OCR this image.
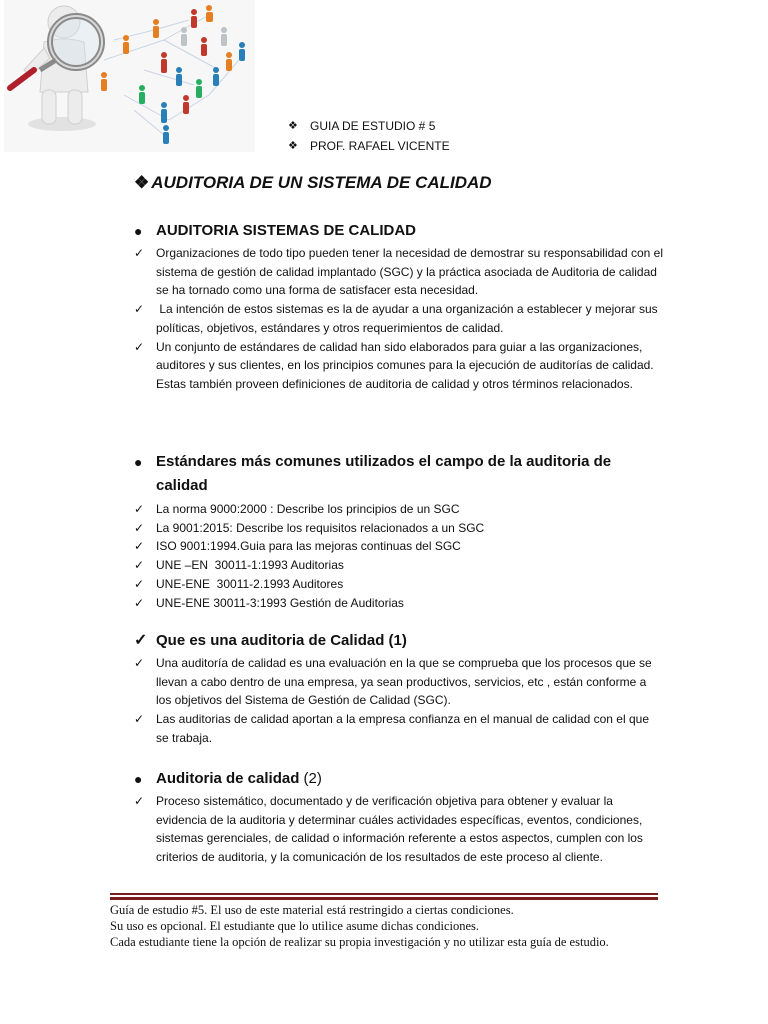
❖	GUIA DE ESTUDIO # 5
❖	PROF. RAFAEL VICENTE
❖ AUDITORIA DE UN SISTEMA DE CALIDAD
● AUDITORIA SISTEMAS DE CALIDAD
✓ Organizaciones de todo tipo pueden tener la necesidad de demostrar su responsabilidad con el sistema de gestión de calidad implantado (SGC) y la práctica asociada de Auditoria de calidad se ha tornado como una forma de satisfacer esta necesidad.
✓ La intención de estos sistemas es la de ayudar a una organización a establecer y mejorar sus políticas, objetivos, estándares y otros requerimientos de calidad.
✓ Un conjunto de estándares de calidad han sido elaborados para guiar a las organizaciones, auditores y sus clientes, en los principios comunes para la ejecución de auditorías de calidad. Estas también proveen definiciones de auditoria de calidad y otros términos relacionados.
● Estándares más comunes utilizados el campo de la auditoria de calidad
✓ La norma 9000:2000 : Describe los principios de un SGC
✓ La 9001:2015: Describe los requisitos relacionados a un SGC
✓ ISO 9001:1994.Guia para las mejoras continuas del SGC
✓ UNE –EN  30011-1:1993 Auditorias
✓ UNE-ENE  30011-2.1993 Auditores
✓ UNE-ENE 30011-3:1993 Gestión de Auditorias
✓ Que es una auditoria de Calidad (1)
✓ Una auditoría de calidad es una evaluación en la que se comprueba que los procesos que se llevan a cabo dentro de una empresa, ya sean productivos, servicios, etc , están conforme a los objetivos del Sistema de Gestión de Calidad (SGC).
✓ Las auditorias de calidad aportan a la empresa confianza en el manual de calidad con el que se trabaja.
● Auditoria de calidad (2)
✓ Proceso sistemático, documentado y de verificación objetiva para obtener y evaluar la evidencia de la auditoria y determinar cuáles actividades específicas, eventos, condiciones, sistemas gerenciales, de calidad o información referente a estos aspectos, cumplen con los criterios de auditoria, y la comunicación de los resultados de este proceso al cliente.
Guía de estudio #5. El uso de este material está restringido a ciertas condiciones.
Su uso es opcional. El estudiante que lo utilice asume dichas condiciones.
Cada estudiante tiene la opción de realizar su propia investigación y no utilizar esta guía de estudio.
